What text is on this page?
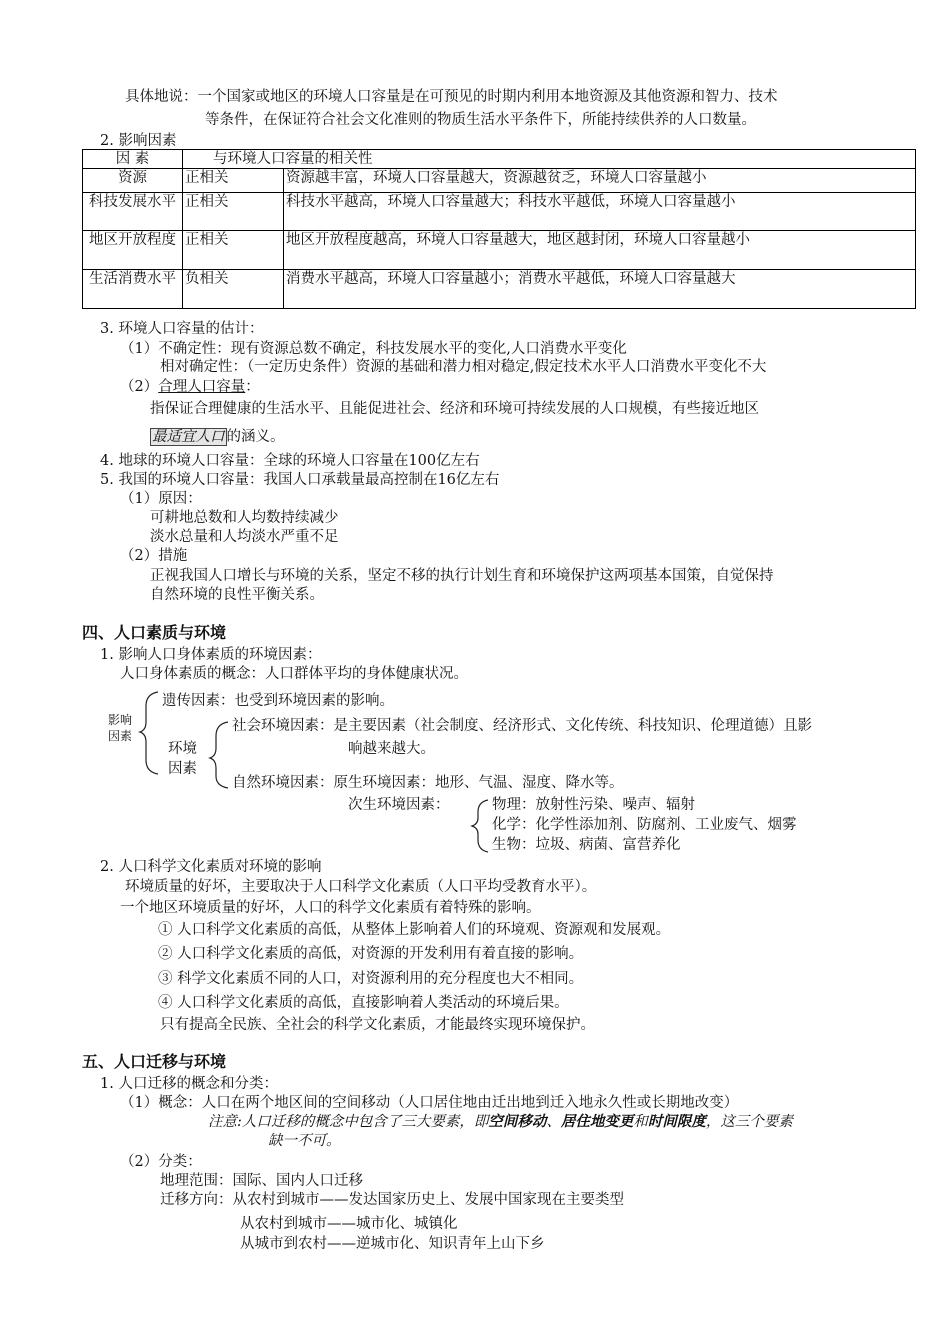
具体地说：一个国家或地区的环境人口容量是在可预见的时期内利用本地资源及其他资源和智力、技术
等条件，在保证符合社会文化准则的物质生活水平条件下，所能持续供养的人口数量。
2. 影响因素
因 素	与环境人口容量的相关性	
资源	正相关	资源越丰富，环境人口容量越大，资源越贫乏，环境人口容量越小
科技发展水平	正相关	科技水平越高，环境人口容量越大；科技水平越低，环境人口容量越小
地区开放程度	正相关	地区开放程度越高，环境人口容量越大，地区越封闭，环境人口容量越小
生活消费水平	负相关	消费水平越高，环境人口容量越小；消费水平越低，环境人口容量越大
3. 环境人口容量的估计：
（1）不确定性：现有资源总数不确定，科技发展水平的变化,人口消费水平变化
相对确定性：（一定历史条件）资源的基础和潜力相对稳定,假定技术水平人口消费水平变化不大
（2）合理人口容量：
指保证合理健康的生活水平、且能促进社会、经济和环境可持续发展的人口规模，有些接近地区
最适宜人口 的涵义。
4. 地球的环境人口容量：全球的环境人口容量在100亿左右
5. 我国的环境人口容量：我国人口承载量最高控制在16亿左右
（1）原因：
可耕地总数和人均数持续减少
淡水总量和人均淡水严重不足
（2）措施
正视我国人口增长与环境的关系，坚定不移的执行计划生育和环境保护这两项基本国策，自觉保持
自然环境的良性平衡关系。
四、人口素质与环境
1. 影响人口身体素质的环境因素：
人口身体素质的概念：人口群体平均的身体健康状况。
影响
因素
遗传因素：也受到环境因素的影响。
环境
因素
社会环境因素：是主要因素（社会制度、经济形式、文化传统、科技知识、伦理道德）且影
响越来越大。
自然环境因素：原生环境因素：地形、气温、湿度、降水等。
次生环境因素：	物理：放射性污染、噪声、辐射
化学：化学性添加剂、防腐剂、工业废气、烟雾
生物：垃圾、病菌、富营养化
2. 人口科学文化素质对环境的影响
环境质量的好坏，主要取决于人口科学文化素质（人口平均受教育水平）。
一个地区环境质量的好坏，人口的科学文化素质有着特殊的影响。
① 人口科学文化素质的高低，从整体上影响着人们的环境观、资源观和发展观。
② 人口科学文化素质的高低，对资源的开发利用有着直接的影响。
③ 科学文化素质不同的人口，对资源利用的充分程度也大不相同。
④ 人口科学文化素质的高低，直接影响着人类活动的环境后果。
只有提高全民族、全社会的科学文化素质，才能最终实现环境保护。
五、人口迁移与环境
1. 人口迁移的概念和分类：
（1）概念：人口在两个地区间的空间移动（人口居住地由迁出地到迁入地永久性或长期地改变）
注意:人口迁移的概念中包含了三大要素，即空间移动、居住地变更和时间限度，这三个要素
缺一不可。
（2）分类：
地理范围：国际、国内人口迁移
迁移方向：从农村到城市——发达国家历史上、发展中国家现在主要类型
从农村到城市——城市化、城镇化
从城市到农村——逆城市化、知识青年上山下乡
